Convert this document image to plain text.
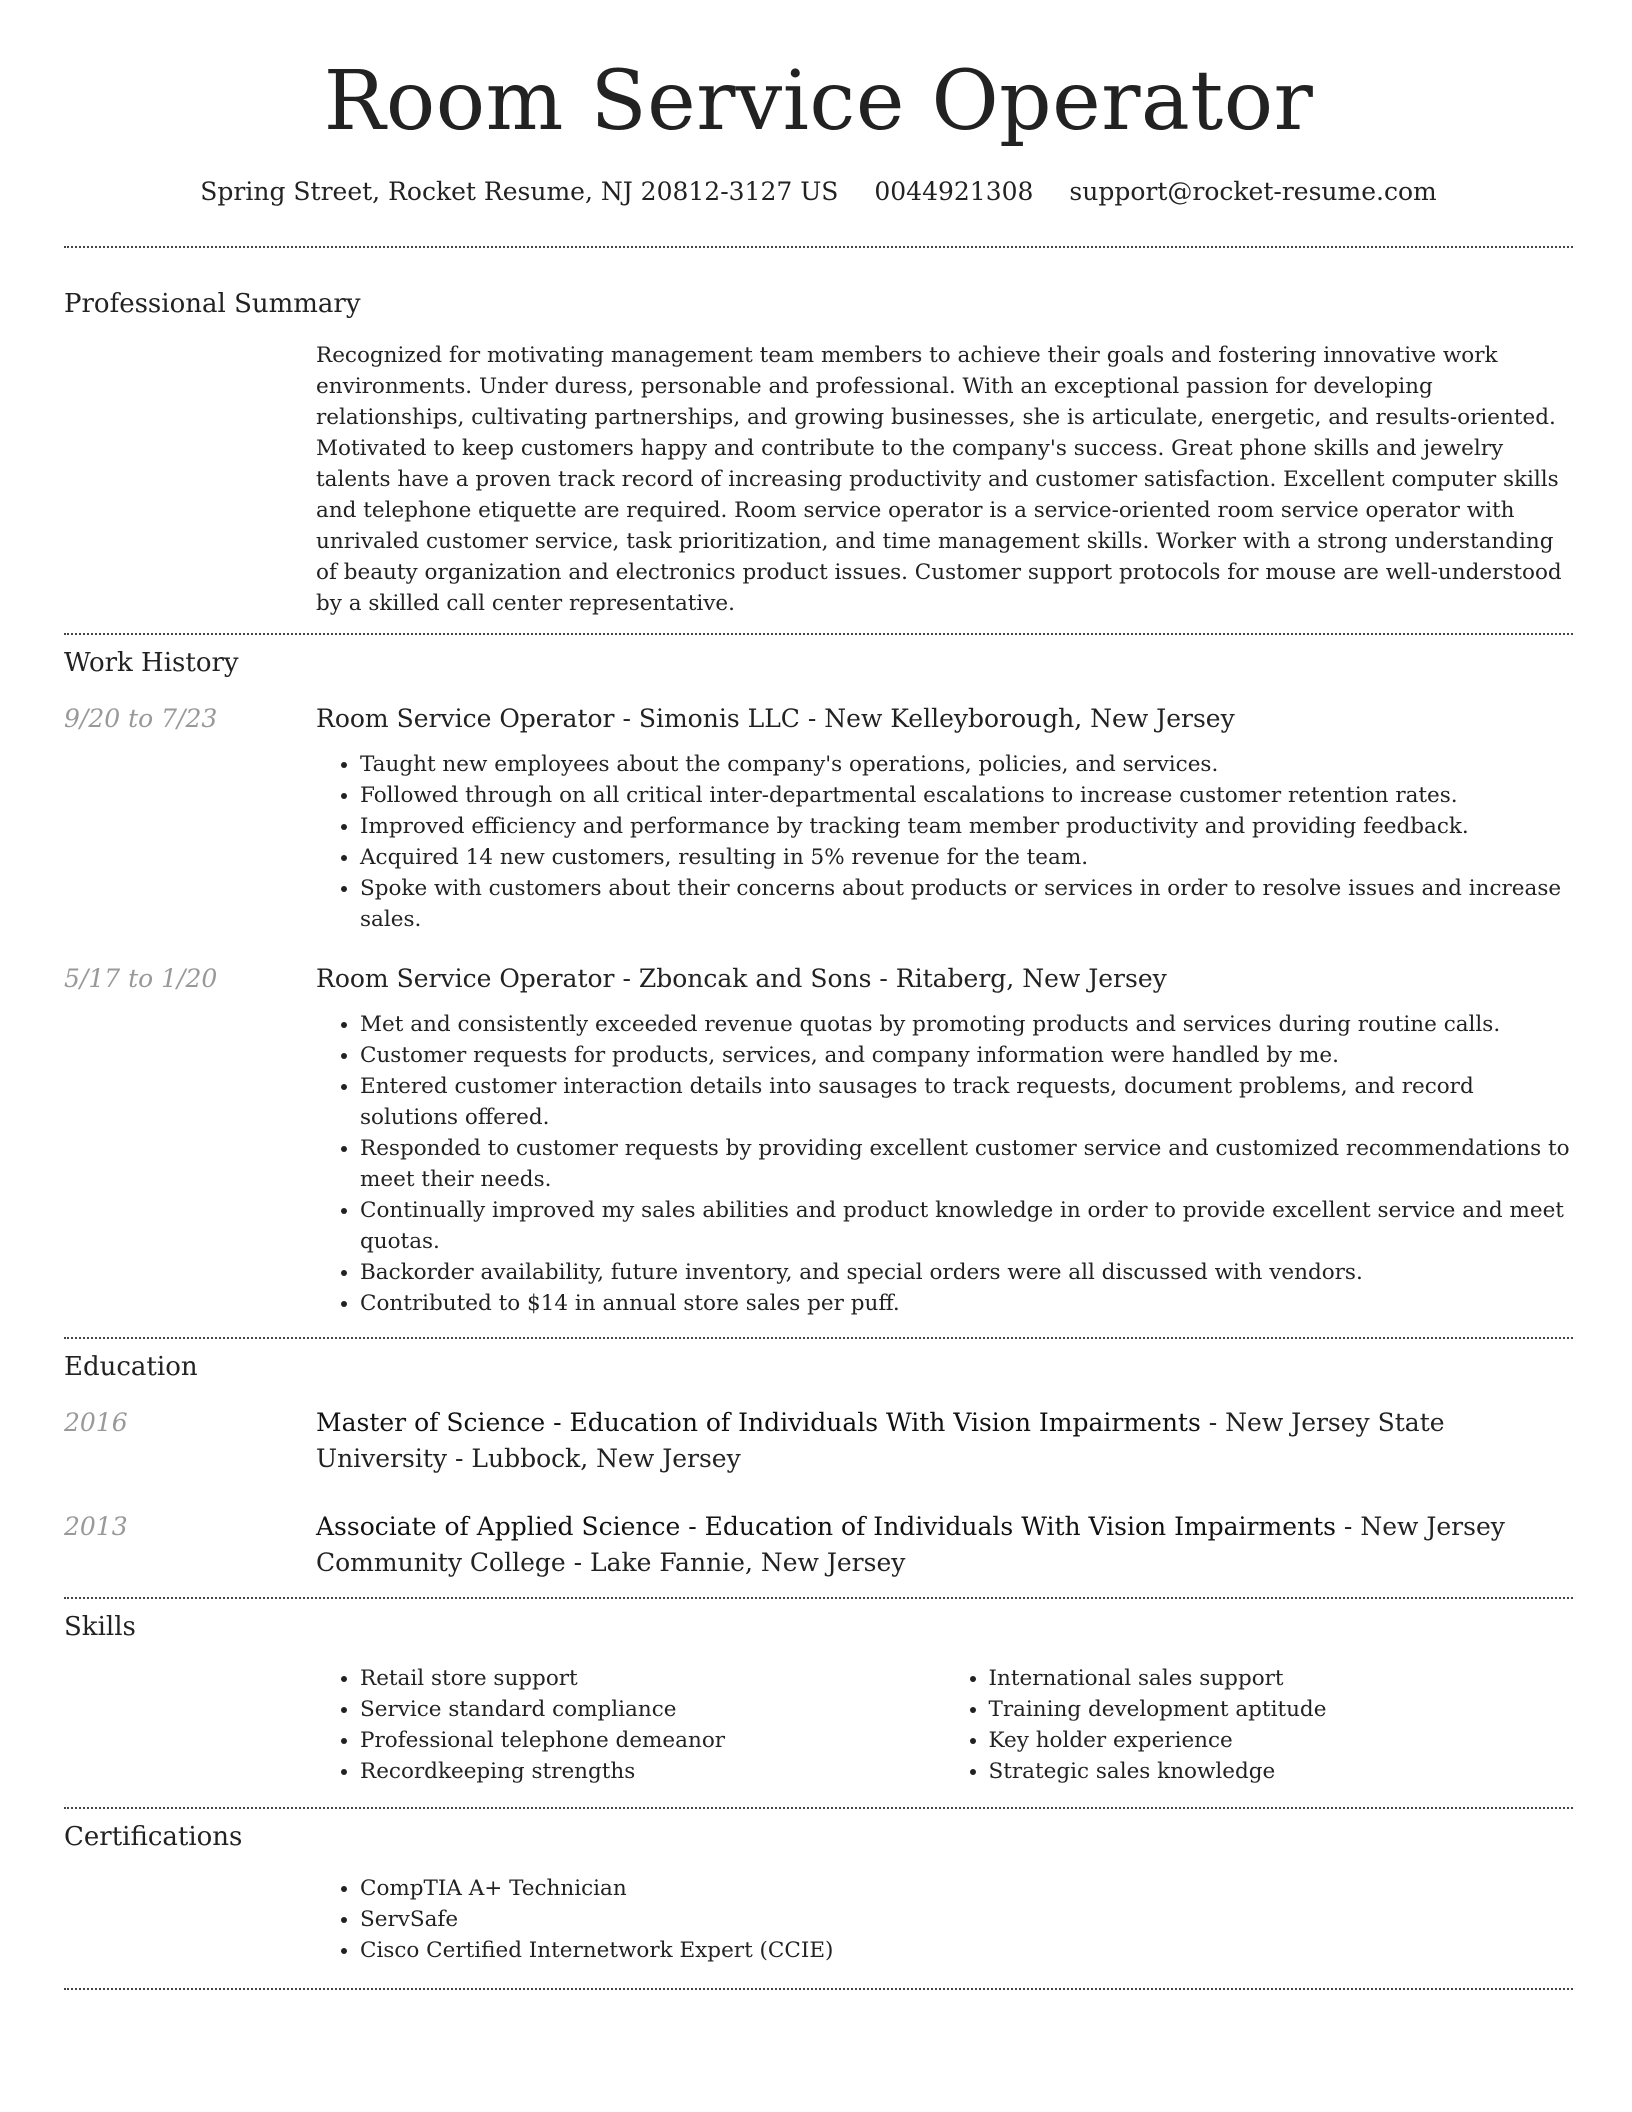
Room Service Operator
Spring Street, Rocket Resume, NJ 20812-3127 US 0044921308 support@rocket-resume.com
Professional Summary
Recognized for motivating management team members to achieve their goals and fostering innovative work environments. Under duress, personable and professional. With an exceptional passion for developing relationships, cultivating partnerships, and growing businesses, she is articulate, energetic, and results-oriented. Motivated to keep customers happy and contribute to the company's success. Great phone skills and jewelry talents have a proven track record of increasing productivity and customer satisfaction. Excellent computer skills and telephone etiquette are required. Room service operator is a service-oriented room service operator with unrivaled customer service, task prioritization, and time management skills. Worker with a strong understanding of beauty organization and electronics product issues. Customer support protocols for mouse are well-understood by a skilled call center representative.
Work History
9/20 to 7/23	Room Service Operator - Simonis LLC - New Kelleyborough, New Jersey
• Taught new employees about the company's operations, policies, and services.
• Followed through on all critical inter-departmental escalations to increase customer retention rates.
• Improved efficiency and performance by tracking team member productivity and providing feedback.
• Acquired 14 new customers, resulting in 5% revenue for the team.
• Spoke with customers about their concerns about products or services in order to resolve issues and increase sales.
5/17 to 1/20	Room Service Operator - Zboncak and Sons - Ritaberg, New Jersey
• Met and consistently exceeded revenue quotas by promoting products and services during routine calls.
• Customer requests for products, services, and company information were handled by me.
• Entered customer interaction details into sausages to track requests, document problems, and record solutions offered.
• Responded to customer requests by providing excellent customer service and customized recommendations to meet their needs.
• Continually improved my sales abilities and product knowledge in order to provide excellent service and meet quotas.
• Backorder availability, future inventory, and special orders were all discussed with vendors.
• Contributed to $14 in annual store sales per puff.
Education
2016	Master of Science - Education of Individuals With Vision Impairments - New Jersey State University - Lubbock, New Jersey
2013	Associate of Applied Science - Education of Individuals With Vision Impairments - New Jersey Community College - Lake Fannie, New Jersey
Skills
• Retail store support
• Service standard compliance
• Professional telephone demeanor
• Recordkeeping strengths
• International sales support
• Training development aptitude
• Key holder experience
• Strategic sales knowledge
Certifications
• CompTIA A+ Technician
• ServSafe
• Cisco Certified Internetwork Expert (CCIE)
